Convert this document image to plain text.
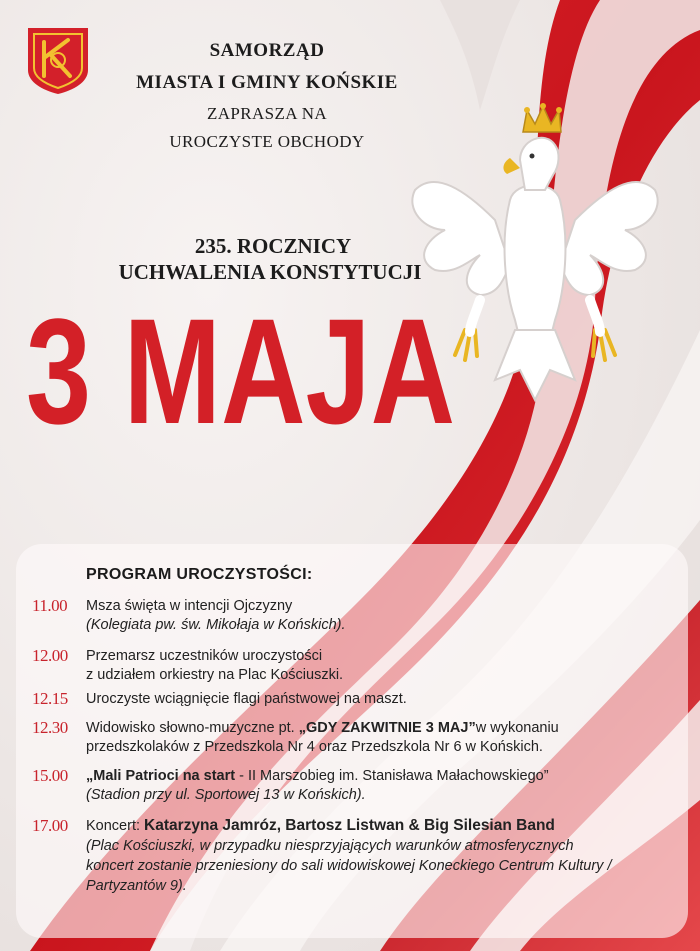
SAMORZĄD
MIASTA I GMINY KOŃSKIE
ZAPRASZA NA
UROCZYSTE OBCHODY
235. ROCZNICY
UCHWALENIA KONSTYTUCJI
3 MAJA
PROGRAM UROCZYSTOŚCI:
11.00 Msza święta w intencji Ojczyzny
(Kolegiata pw. św. Mikołaja w Końskich).
12.00 Przemarsz uczestników uroczystości
z udziałem orkiestry na Plac Kościuszki.
12.15 Uroczyste wciągnięcie flagi państwowej na maszt.
12.30 Widowisko słowno-muzyczne pt. „GDY ZAKWITNIE 3 MAJ”w wykonaniu
przedszkolaków z Przedszkola Nr 4 oraz Przedszkola Nr 6 w Końskich.
15.00 „Mali Patrioci na start - II Marszobieg im. Stanisława Małachowskiego”
(Stadion przy ul. Sportowej 13 w Końskich).
17.00 Koncert: Katarzyna Jamróz, Bartosz Listwan & Big Silesian Band
(Plac Kościuszki, w przypadku niesprzyjających warunków atmosferycznych
koncert zostanie przeniesiony do sali widowiskowej Koneckiego Centrum Kultury /
Partyzantów 9).
